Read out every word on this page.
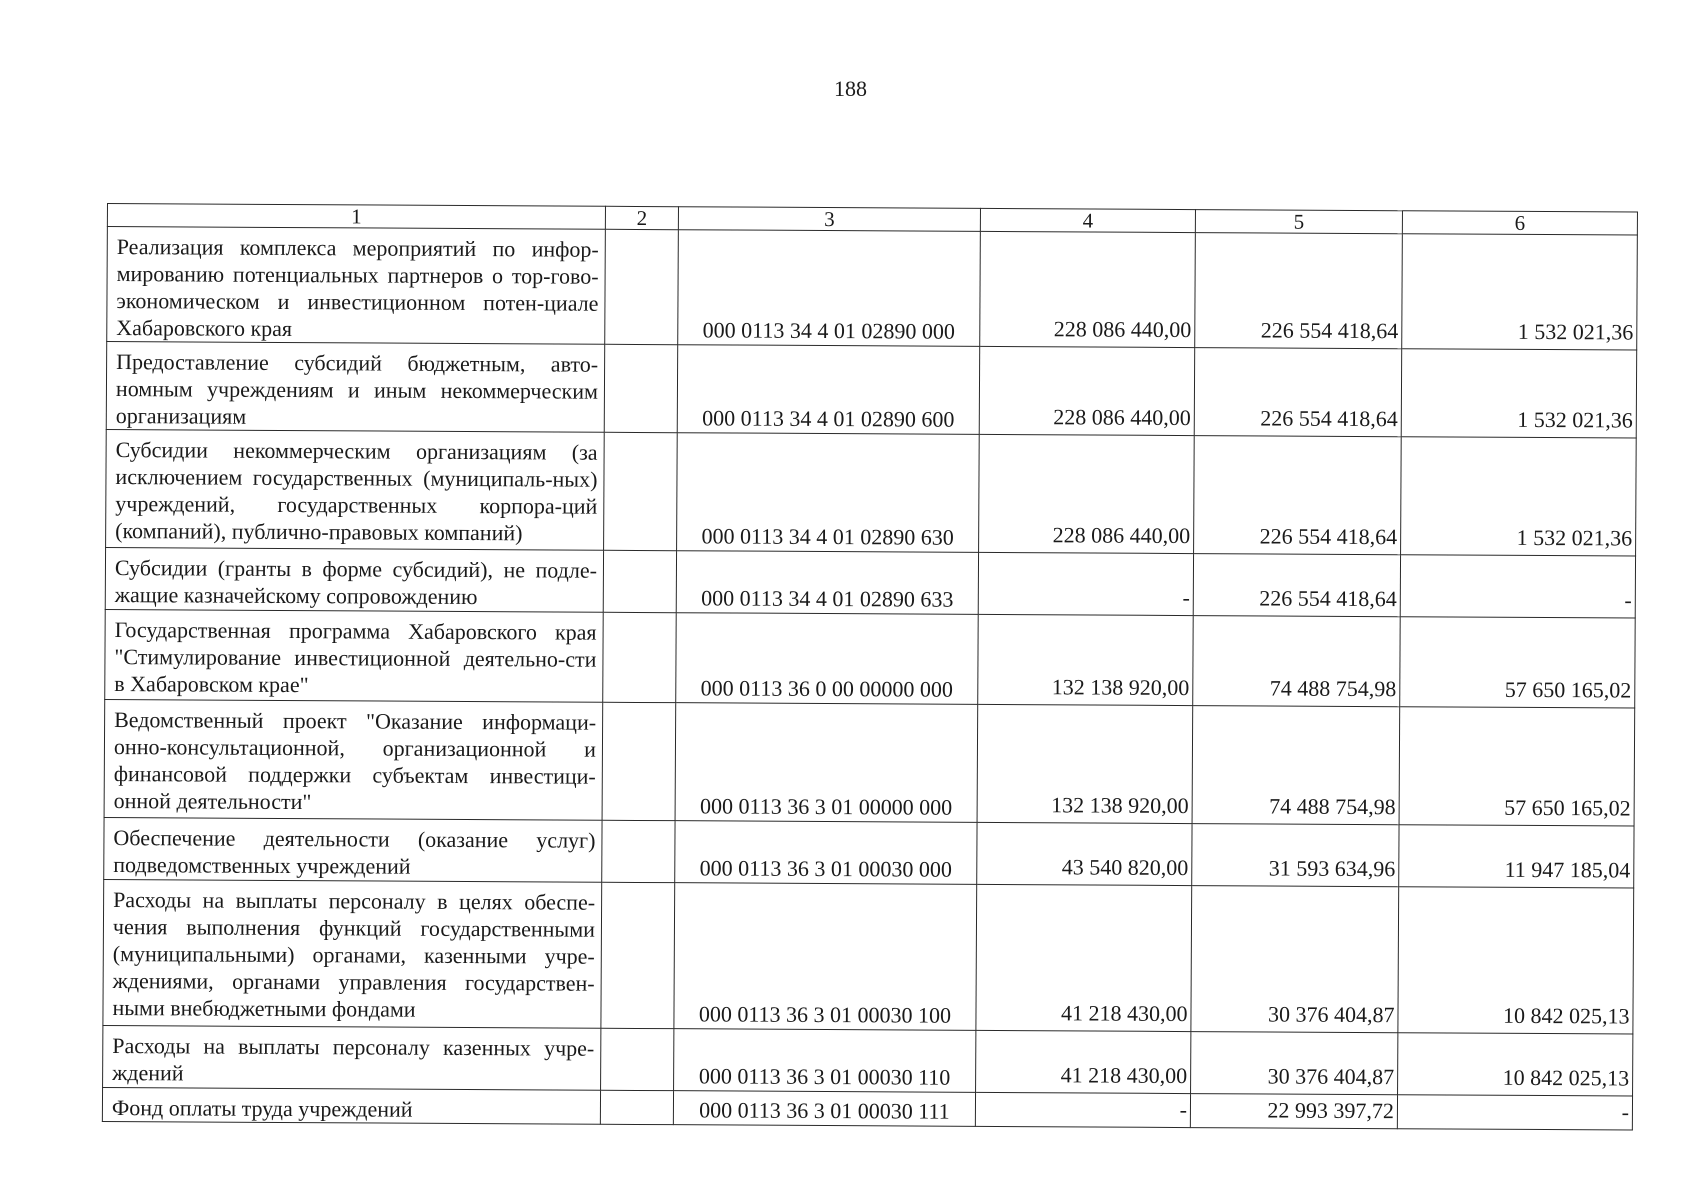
188
1	2	3	4	5	6
Реализация комплекса мероприятий по инфор-мированию потенциальных партнеров о тор-гово-экономическом и инвестиционном потен-циале Хабаровского края		000 0113 34 4 01 02890 000	228 086 440,00	226 554 418,64	1 532 021,36
Предоставление субсидий бюджетным, авто-номным учреждениям и иным некоммерческим организациям		000 0113 34 4 01 02890 600	228 086 440,00	226 554 418,64	1 532 021,36
Субсидии некоммерческим организациям (за исключением государственных (муниципаль-ных) учреждений, государственных корпора-ций (компаний), публично-правовых компаний)		000 0113 34 4 01 02890 630	228 086 440,00	226 554 418,64	1 532 021,36
Субсидии (гранты в форме субсидий), не подле-жащие казначейскому сопровождению		000 0113 34 4 01 02890 633	-	226 554 418,64	-
Государственная программа Хабаровского края "Стимулирование инвестиционной деятельно-сти в Хабаровском крае"		000 0113 36 0 00 00000 000	132 138 920,00	74 488 754,98	57 650 165,02
Ведомственный проект "Оказание информаци-онно-консультационной, организационной и финансовой поддержки субъектам инвестици-онной деятельности"		000 0113 36 3 01 00000 000	132 138 920,00	74 488 754,98	57 650 165,02
Обеспечение деятельности (оказание услуг) подведомственных учреждений		000 0113 36 3 01 00030 000	43 540 820,00	31 593 634,96	11 947 185,04
Расходы на выплаты персоналу в целях обеспе-чения выполнения функций государственными (муниципальными) органами, казенными учре-ждениями, органами управления государствен-ными внебюджетными фондами		000 0113 36 3 01 00030 100	41 218 430,00	30 376 404,87	10 842 025,13
Расходы на выплаты персоналу казенных учре-ждений		000 0113 36 3 01 00030 110	41 218 430,00	30 376 404,87	10 842 025,13
Фонд оплаты труда учреждений		000 0113 36 3 01 00030 111	-	22 993 397,72	-
